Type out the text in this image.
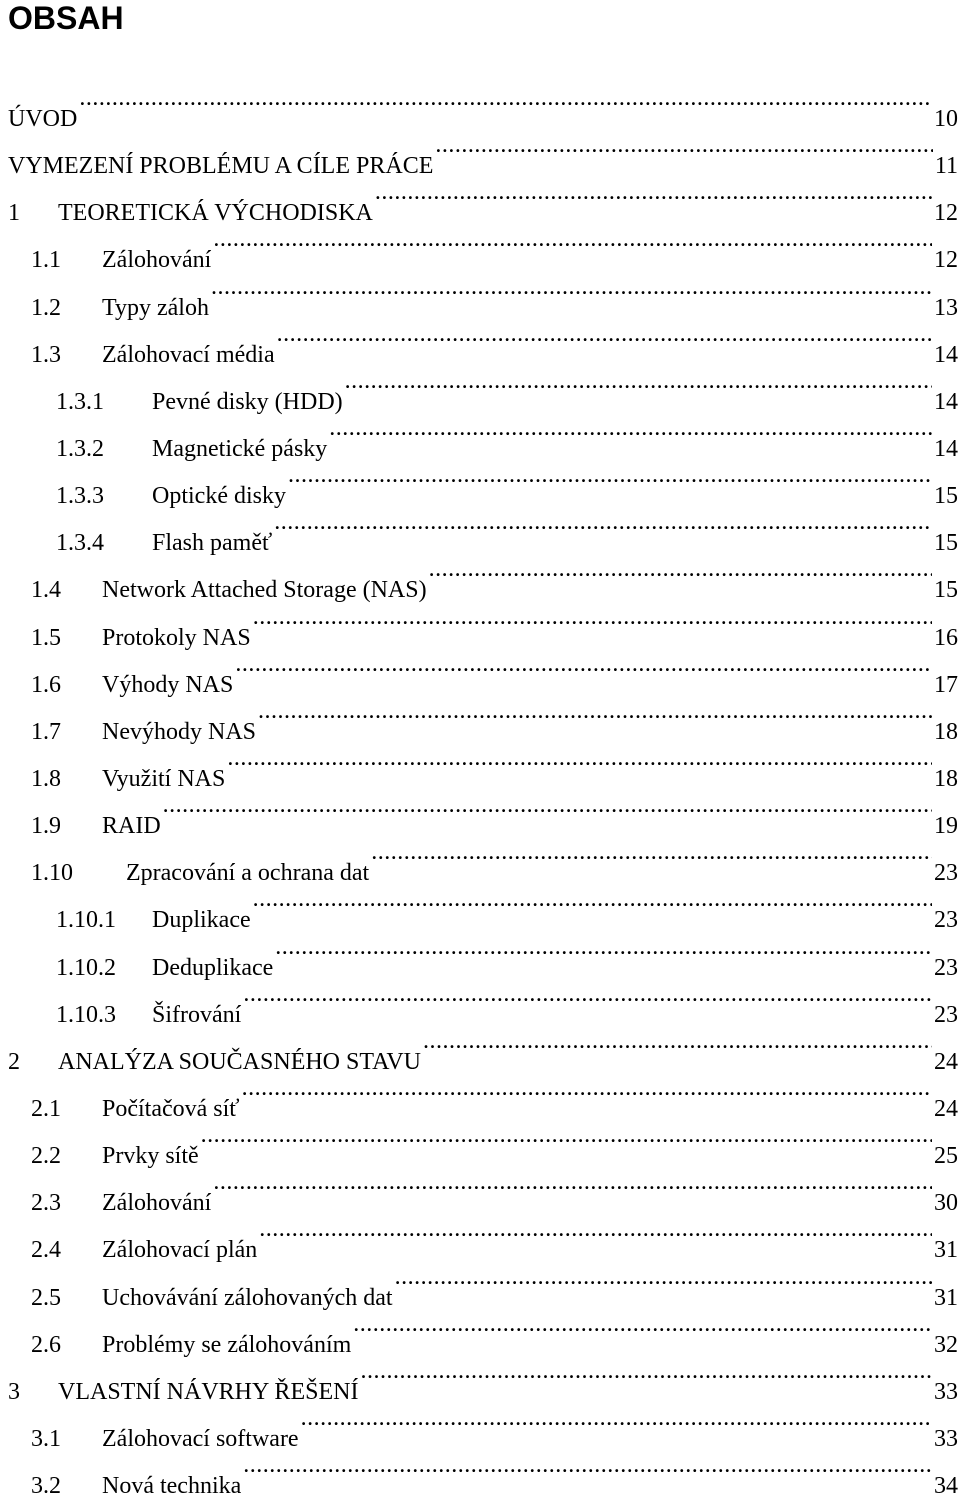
OBSAH
ÚVOD .....	10
VYMEZENÍ PROBLÉMU A CÍLE PRÁCE .....	11
1	TEORETICKÁ VÝCHODISKA .....	12
1.1	Zálohování .....	12
1.2	Typy záloh .....	13
1.3	Zálohovací média .....	14
1.3.1	Pevné disky (HDD) .....	14
1.3.2	Magnetické pásky .....	14
1.3.3	Optické disky .....	15
1.3.4	Flash paměť .....	15
1.4	Network Attached Storage (NAS) .....	15
1.5	Protokoly NAS .....	16
1.6	Výhody NAS .....	17
1.7	Nevýhody NAS .....	18
1.8	Využití NAS .....	18
1.9	RAID .....	19
1.10	Zpracování a ochrana dat .....	23
1.10.1	Duplikace .....	23
1.10.2	Deduplikace .....	23
1.10.3	Šifrování .....	23
2	ANALÝZA SOUČASNÉHO STAVU .....	24
2.1	Počítačová síť .....	24
2.2	Prvky sítě .....	25
2.3	Zálohování .....	30
2.4	Zálohovací plán .....	31
2.5	Uchovávání zálohovaných dat .....	31
2.6	Problémy se zálohováním .....	32
3	VLASTNÍ NÁVRHY ŘEŠENÍ .....	33
3.1	Zálohovací software .....	33
3.2	Nová technika .....	34
